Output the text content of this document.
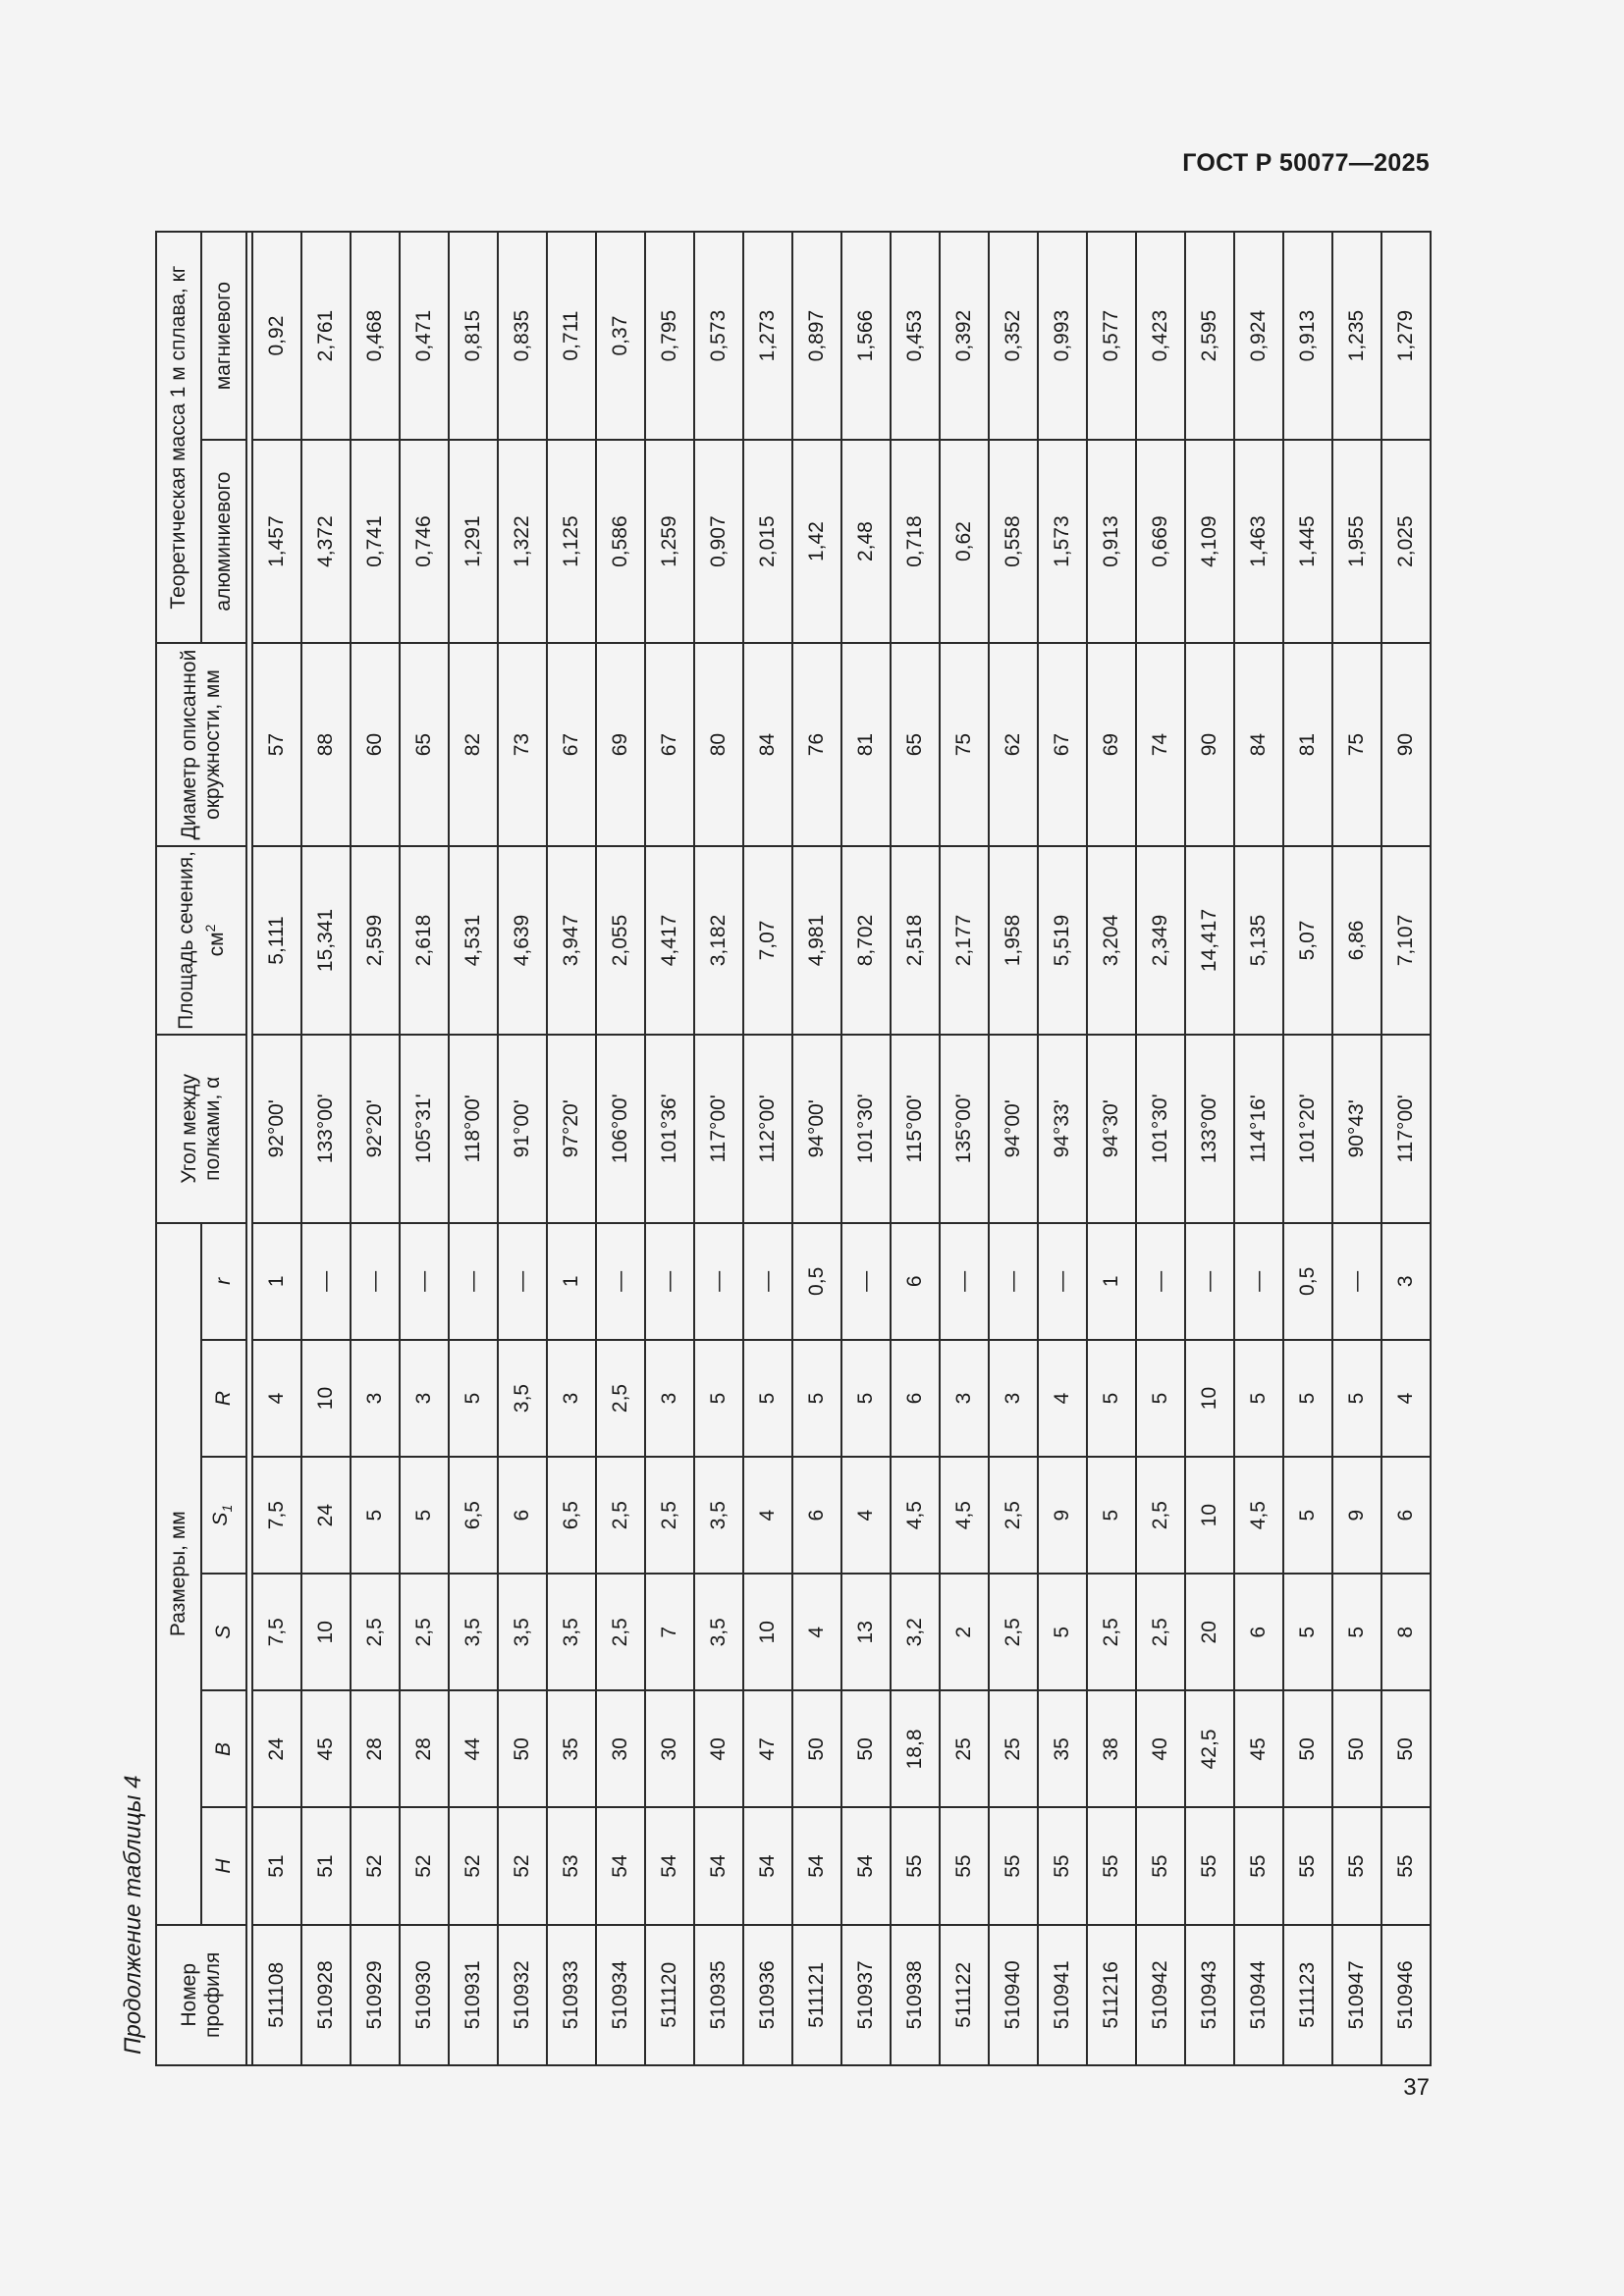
ГОСТ Р 50077—2025
Продолжение таблицы 4 Номер профиля	Размеры, мм						Угол между полками, α	Площадь сечения, $см^2$	Диаметр описанной окружности, мм	Теоретическая масса 1 м сплава, кг	
	H	B	S	$S_1$	R	r				алюминиевого	магниевого

511108	51	24	7,5	7,5	4	1	92°00'	5,111	57	1,457	0,92
510928	51	45	10	24	10	—	133°00'	15,341	88	4,372	2,761
510929	52	28	2,5	5	3	—	92°20'	2,599	60	0,741	0,468
510930	52	28	2,5	5	3	—	105°31'	2,618	65	0,746	0,471
510931	52	44	3,5	6,5	5	—	118°00'	4,531	82	1,291	0,815
510932	52	50	3,5	6	3,5	—	91°00'	4,639	73	1,322	0,835
510933	53	35	3,5	6,5	3	1	97°20'	3,947	67	1,125	0,711
510934	54	30	2,5	2,5	2,5	—	106°00'	2,055	69	0,586	0,37
511120	54	30	7	2,5	3	—	101°36'	4,417	67	1,259	0,795
510935	54	40	3,5	3,5	5	—	117°00'	3,182	80	0,907	0,573
510936	54	47	10	4	5	—	112°00'	7,07	84	2,015	1,273
511121	54	50	4	6	5	0,5	94°00'	4,981	76	1,42	0,897
510937	54	50	13	4	5	—	101°30'	8,702	81	2,48	1,566
510938	55	18,8	3,2	4,5	6	6	115°00'	2,518	65	0,718	0,453
511122	55	25	2	4,5	3	—	135°00'	2,177	75	0,62	0,392
510940	55	25	2,5	2,5	3	—	94°00'	1,958	62	0,558	0,352
510941	55	35	5	9	4	—	94°33'	5,519	67	1,573	0,993
511216	55	38	2,5	5	5	1	94°30'	3,204	69	0,913	0,577
510942	55	40	2,5	2,5	5	—	101°30'	2,349	74	0,669	0,423
510943	55	42,5	20	10	10	—	133°00'	14,417	90	4,109	2,595
510944	55	45	6	4,5	5	—	114°16'	5,135	84	1,463	0,924
511123	55	50	5	5	5	0,5	101°20'	5,07	81	1,445	0,913
510947	55	50	5	9	5	—	90°43'	6,86	75	1,955	1,235
510946	55	50	8	6	4	3	117°00'	7,107	90	2,025	1,279
37
